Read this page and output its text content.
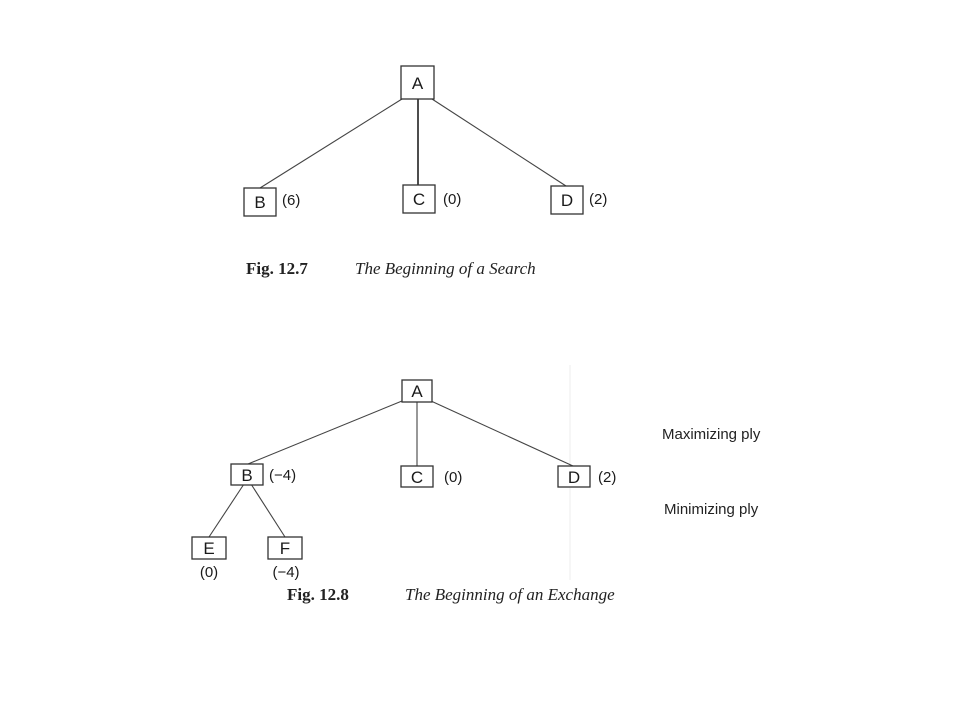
A
B (6)	C (0)	D (2)
Fig. 12.7	The Beginning of a Search
A
B (−4)	C (0)	D (2)
E
(0)
F
(−4)
Maximizing ply
Minimizing ply
Fig. 12.8	The Beginning of an Exchange
